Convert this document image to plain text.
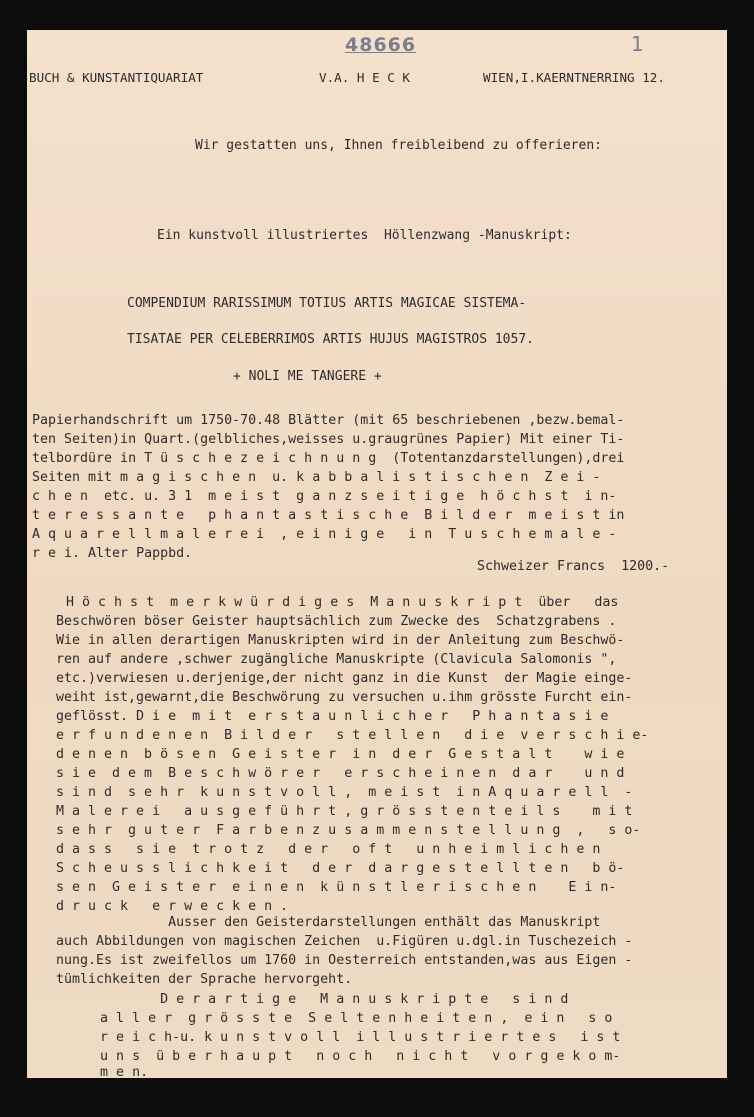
48666	1
BUCH & KUNSTANTIQUARIAT	V.A. H E C K	WIEN,I.KAERNTNERRING 12.
Wir gestatten uns, Ihnen freibleibend zu offerieren:
Ein kunstvoll illustriertes  Höllenzwang -Manuskript:
COMPENDIUM RARISSIMUM TOTIUS ARTIS MAGICAE SISTEMA-
TISATAE PER CELEBERRIMOS ARTIS HUJUS MAGISTROS 1057.
+ NOLI ME TANGERE +
Papierhandschrift um 1750-70.48 Blätter (mit 65 beschriebenen ,bezw.bemal-
ten Seiten)in Quart.(gelbliches,weisses u.graugrünes Papier) Mit einer Ti-
telbordüre in T ü s c h e z e i c h n u n g  (Totentanzdarstellungen),drei
Seiten mit m a g i s c h e n  u. k a b b a l i s t i s c h e n  Z e i -
c h e n  etc. u. 3 1  m e i s t  g a n z s e i t i g e  h ö c h s t  i n-
t e r e s s a n t e   p h a n t a s t i s c h e  B i l d e r  m e i s t in
A q u a r e l l m a l e r e i  , e i n i g e   i n  T u s c h e m a l e -
r e i. Alter Pappbd.
Schweizer Francs  1200.-
H ö c h s t  m e r k w ü r d i g e s  M a n u s k r i p t  über   das
Beschwören böser Geister hauptsächlich zum Zwecke des  Schatzgrabens .
Wie in allen derartigen Manuskripten wird in der Anleitung zum Beschwö-
ren auf andere ,schwer zugängliche Manuskripte (Clavicula Salomonis ",
etc.)verwiesen u.derjenige,der nicht ganz in die Kunst  der Magie einge-
weiht ist,gewarnt,die Beschwörung zu versuchen u.ihm grösste Furcht ein-
geflösst. D i e  m i t  e r s t a u n l i c h e r   P h a n t a s i e
e r f u n d e n e n  B i l d e r   s t e l l e n   d i e  v e r s c h i e-
d e n e n  b ö s e n  G e i s t e r  i n  d e r  G e s t a l t    w i e
s i e  d e m  B e s c h w ö r e r   e r s c h e i n e n  d a r    u n d
s i n d  s e h r  k u n s t v o l l ,  m e i s t  i n A q u a r e l l  -
M a l e r e i   a u s g e f ü h r t , g r ö s s t e n t e i l s    m i t
s e h r  g u t e r  F a r b e n z u s a m m e n s t e l l u n g  ,   s o-
d a s s   s i e  t r o t z   d e r   o f t   u n h e i m l i c h e n
S c h e u s s l i c h k e i t   d e r  d a r g e s t e l l t e n   b ö-
s e n  G e i s t e r  e i n e n  k ü n s t l e r i s c h e n    E i n-
d r u c k   e r w e c k e n .
Ausser den Geisterdarstellungen enthält das Manuskript
auch Abbildungen von magischen Zeichen  u.Figüren u.dgl.in Tuschezeich -
nung.Es ist zweifellos um 1760 in Oesterreich entstanden,was aus Eigen -
tümlichkeiten der Sprache hervorgeht.
D e r a r t i g e   M a n u s k r i p t e   s i n d
a l l e r  g r ö s s t e  S e l t e n h e i t e n ,  e i n   s o
r e i c h-u. k u n s t v o l l  i l l u s t r i e r t e s   i s t
u n s  ü b e r h a u p t   n o c h   n i c h t   v o r g e k o m-
m e n.
